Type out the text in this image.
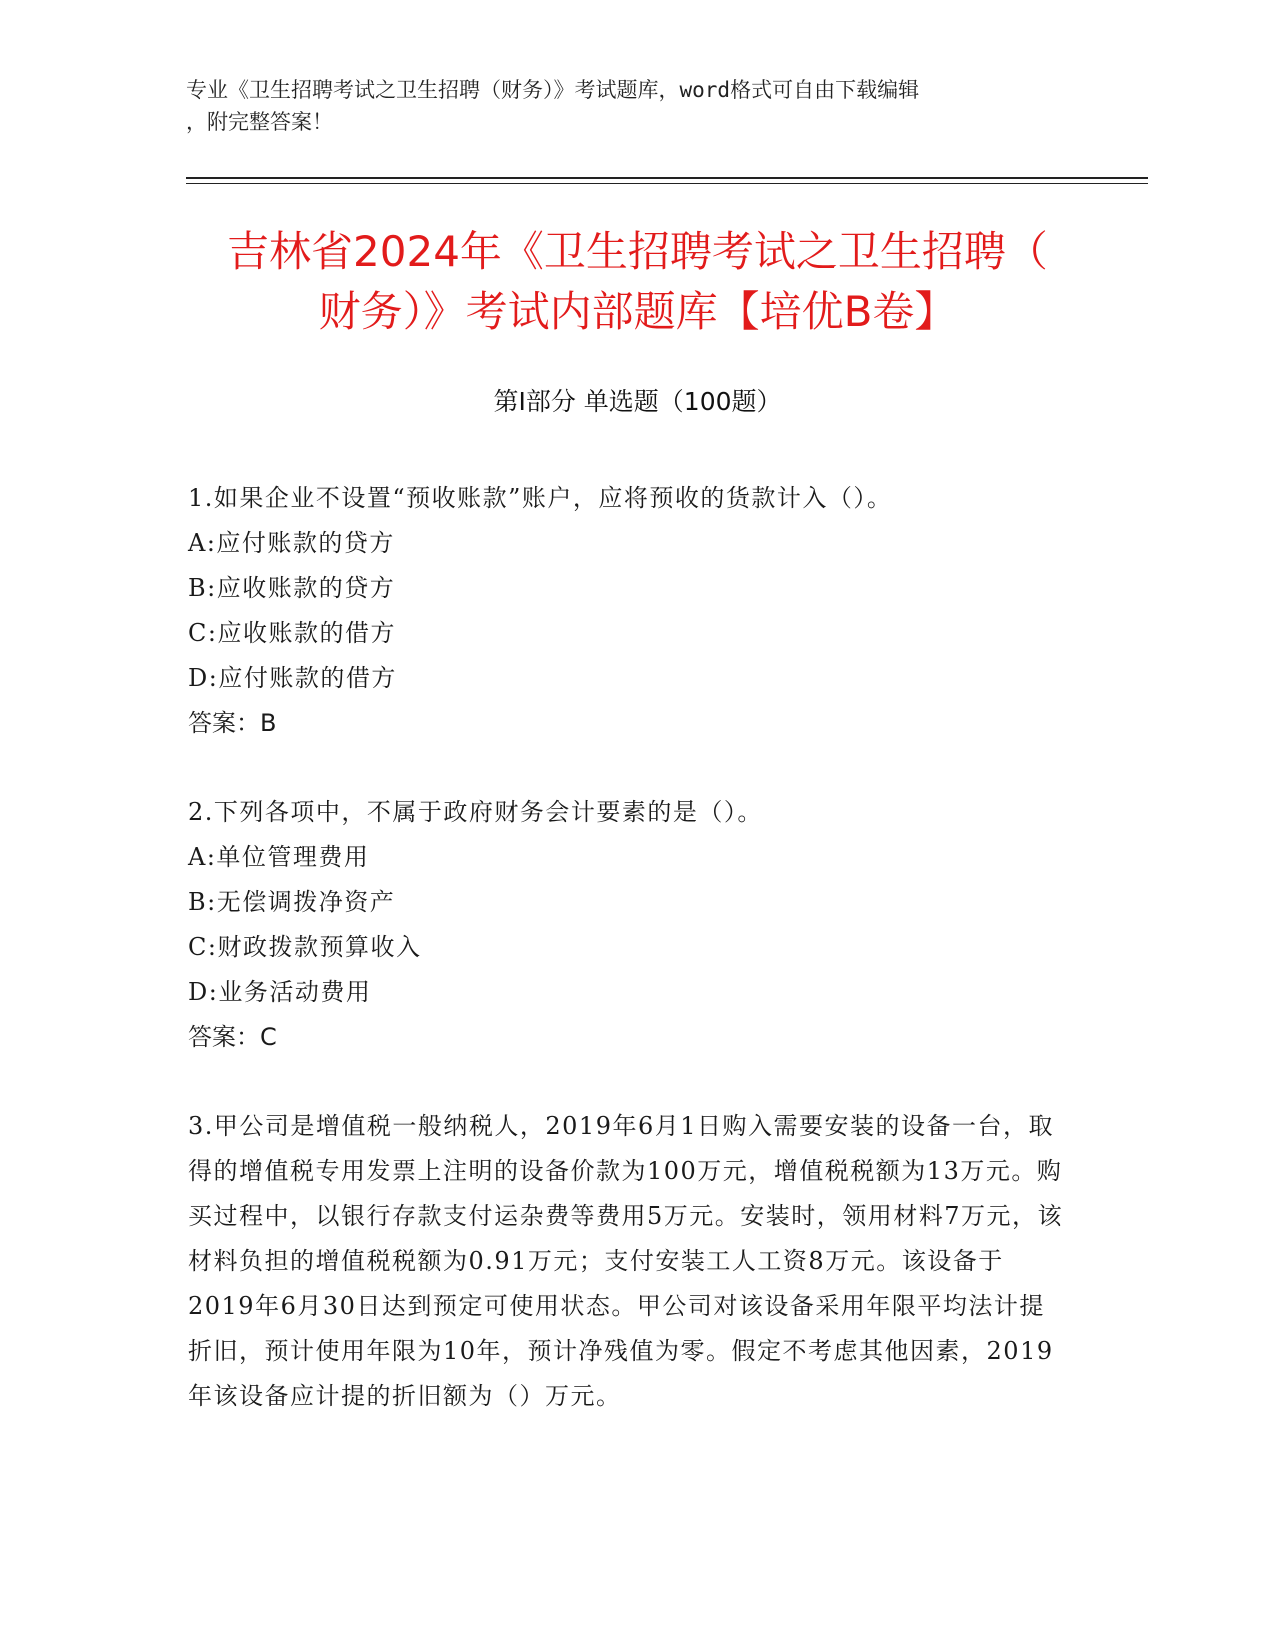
专业《卫生招聘考试之卫生招聘（财务）》考试题库，word格式可自由下载编辑
，附完整答案！
吉林省2024年《卫生招聘考试之卫生招聘（
财务）》考试内部题库【培优B卷】
第Ⅰ部分 单选题（100题）

1.如果企业不设置“预收账款”账户，应将预收的货款计入（）。

A:应付账款的贷方

B:应收账款的贷方

C:应收账款的借方

D:应付账款的借方

答案：B

2.下列各项中，不属于政府财务会计要素的是（）。

A:单位管理费用

B:无偿调拨净资产

C:财政拨款预算收入

D:业务活动费用

答案：C

3.甲公司是增值税一般纳税人，2019年6月1日购入需要安装的设备一台，取得的增值税专用发票上注明的设备价款为100万元，增值税税额为13万元。购买过程中，以银行存款支付运杂费等费用5万元。安装时，领用材料7万元，该材料负担的增值税税额为0.91万元；支付安装工人工资8万元。该设备于2019年6月30日达到预定可使用状态。甲公司对该设备采用年限平均法计提折旧，预计使用年限为10年，预计净残值为零。假定不考虑其他因素，2019年该设备应计提的折旧额为（）万元。
